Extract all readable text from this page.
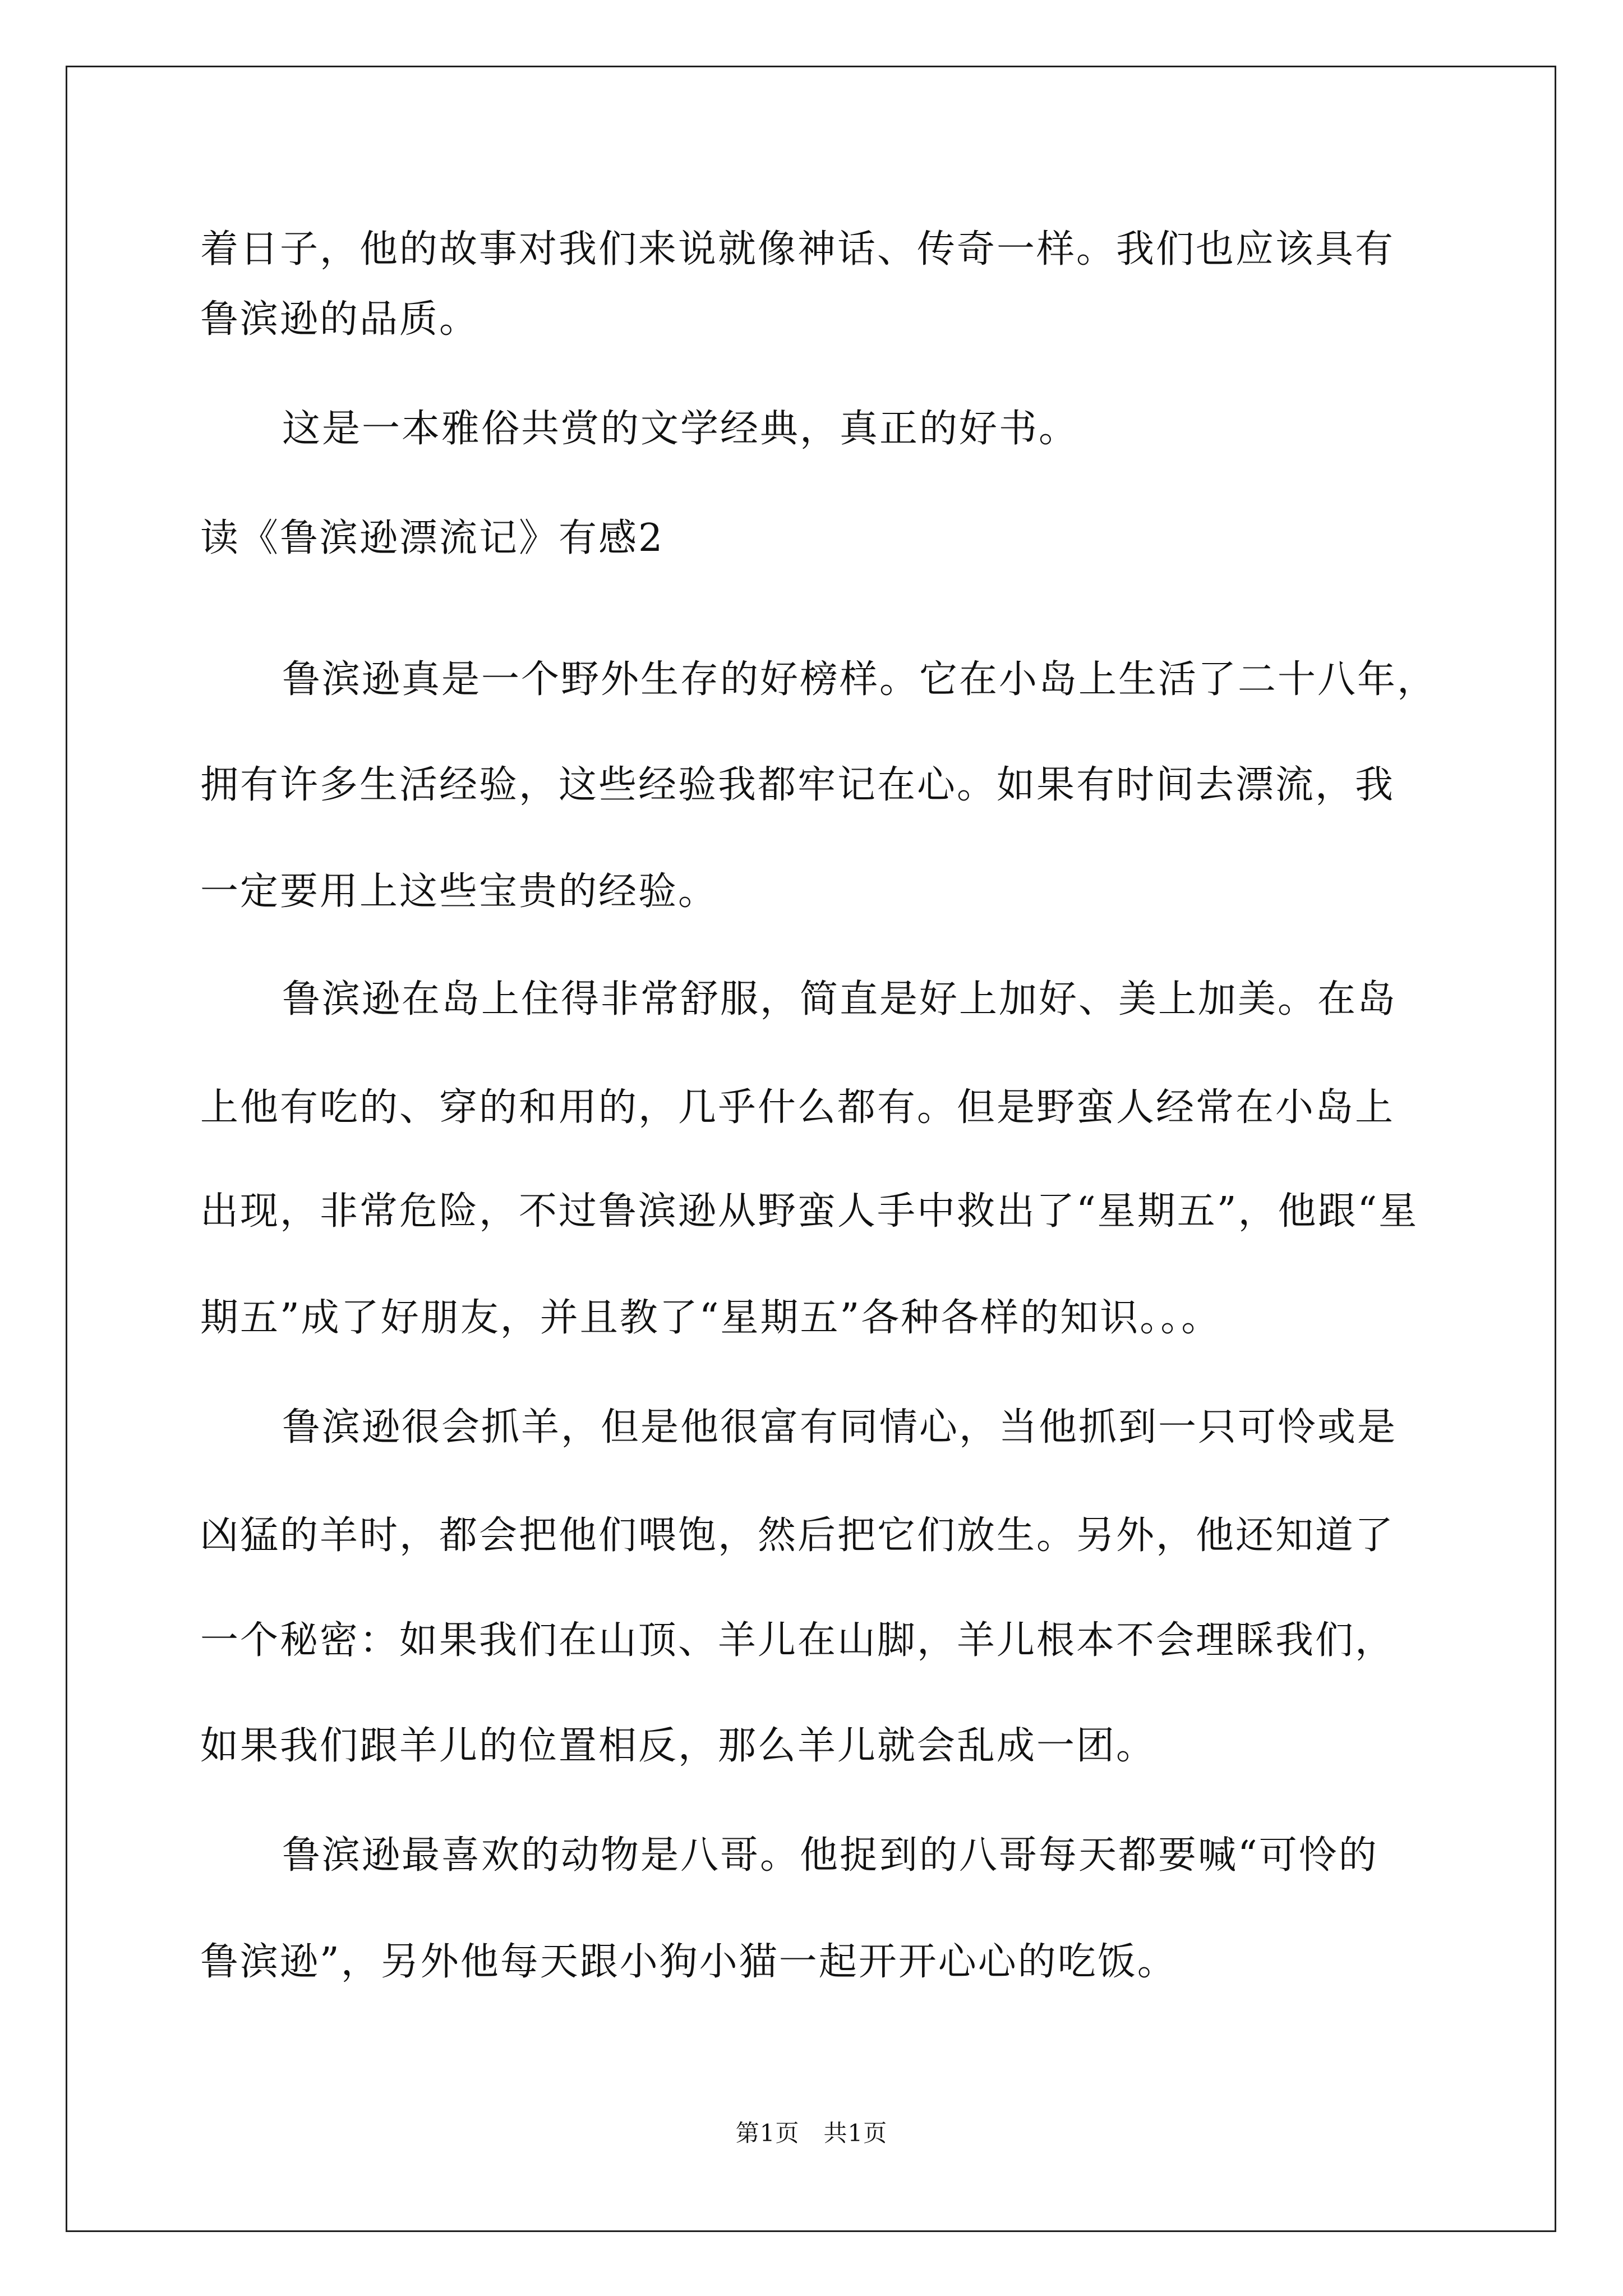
着日子，他的故事对我们来说就像神话、传奇一样。我们也应该具有
鲁滨逊的品质。
这是一本雅俗共赏的文学经典，真正的好书。
读《鲁滨逊漂流记》有感2
鲁滨逊真是一个野外生存的好榜样。它在小岛上生活了二十八年，
拥有许多生活经验，这些经验我都牢记在心。如果有时间去漂流，我
一定要用上这些宝贵的经验。
鲁滨逊在岛上住得非常舒服，简直是好上加好、美上加美。在岛
上他有吃的、穿的和用的，几乎什么都有。但是野蛮人经常在小岛上
出现，非常危险，不过鲁滨逊从野蛮人手中救出了“星期五”，他跟“星
期五”成了好朋友，并且教了“星期五”各种各样的知识。。。
鲁滨逊很会抓羊，但是他很富有同情心，当他抓到一只可怜或是
凶猛的羊时，都会把他们喂饱，然后把它们放生。另外，他还知道了
一个秘密：如果我们在山顶、羊儿在山脚，羊儿根本不会理睬我们，
如果我们跟羊儿的位置相反，那么羊儿就会乱成一团。
鲁滨逊最喜欢的动物是八哥。他捉到的八哥每天都要喊“可怜的
鲁滨逊”，另外他每天跟小狗小猫一起开开心心的吃饭。
第1页   共1页
